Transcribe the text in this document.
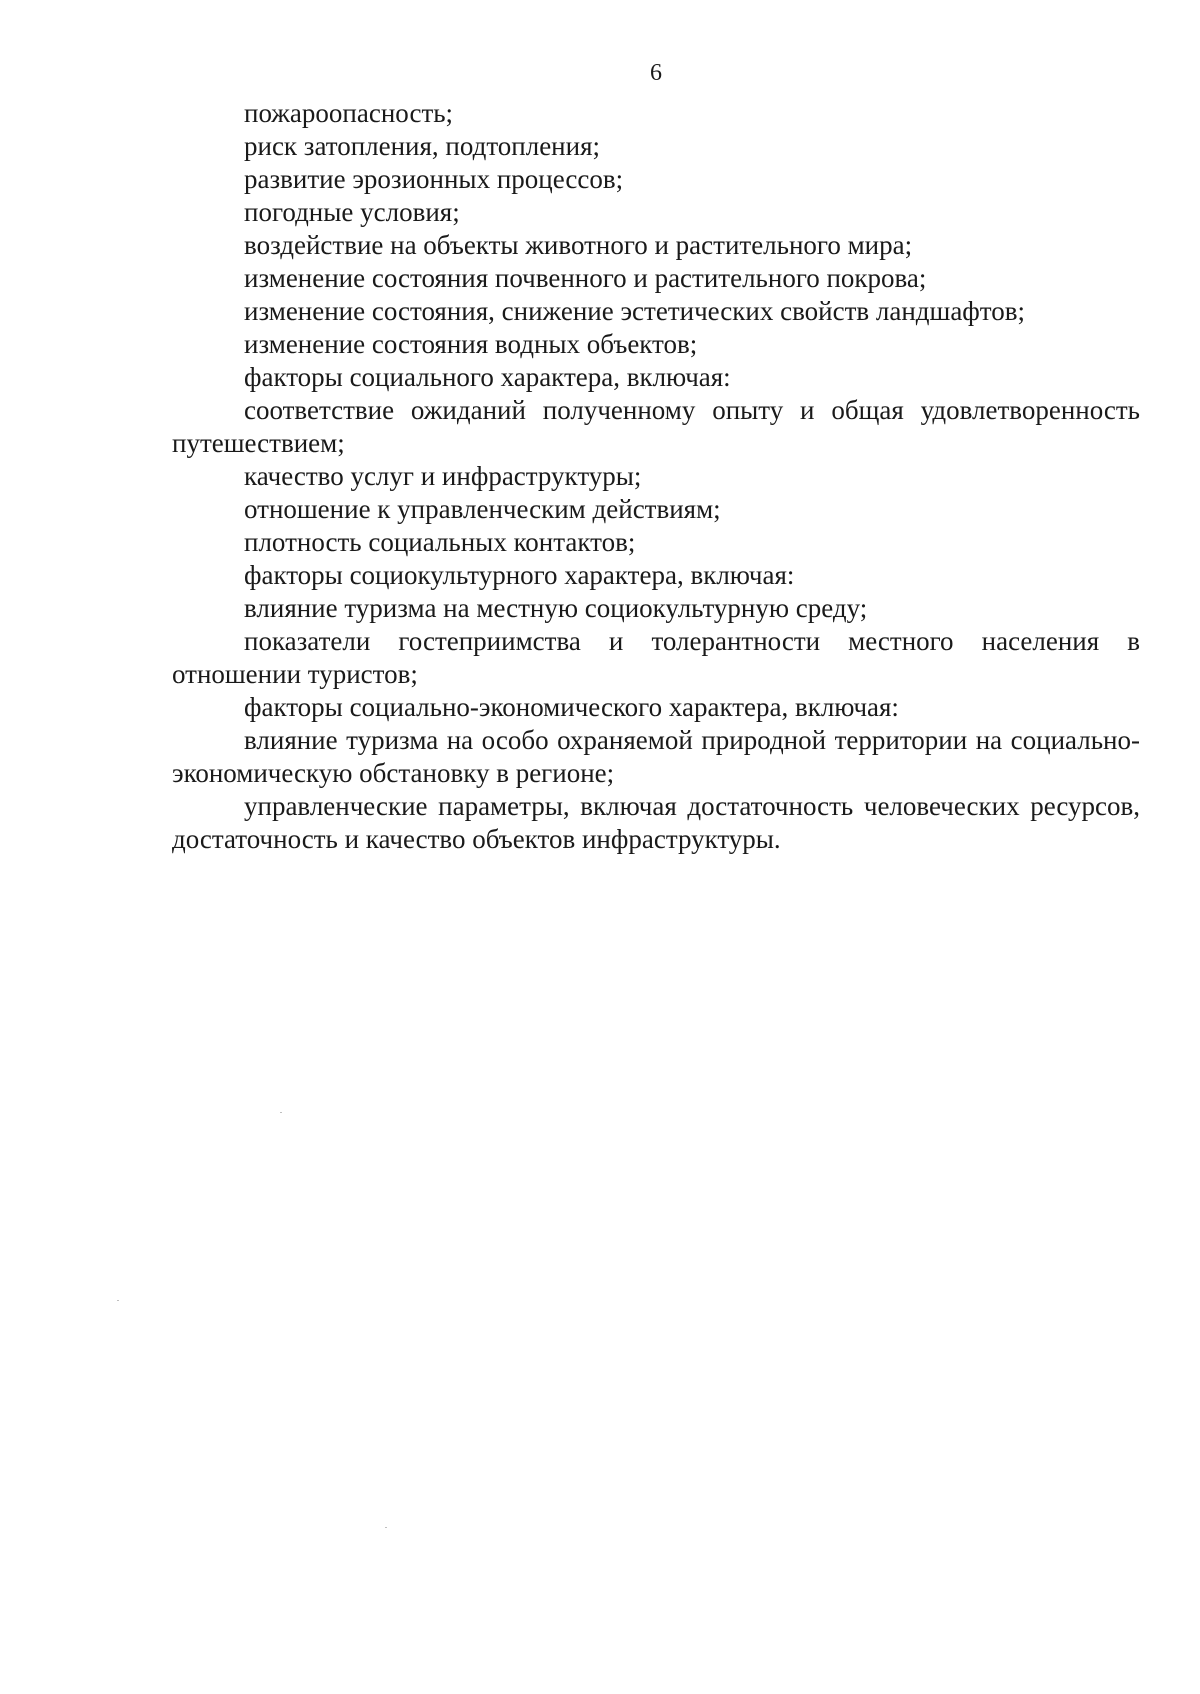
6

пожароопасность;

риск затопления, подтопления;

развитие эрозионных процессов;

погодные условия;

воздействие на объекты животного и растительного мира;

изменение состояния почвенного и растительного покрова;

изменение состояния, снижение эстетических свойств ландшафтов;

изменение состояния водных объектов;

факторы социального характера, включая:

соответствие ожиданий полученному опыту и общая удовлетворенность путешествием;

качество услуг и инфраструктуры;

отношение к управленческим действиям;

плотность социальных контактов;

факторы социокультурного характера, включая:

влияние туризма на местную социокультурную среду;

показатели гостеприимства и толерантности местного населения в отношении туристов;

факторы социально-экономического характера, включая:

влияние туризма на особо охраняемой природной территории на социально-экономическую обстановку в регионе;

управленческие параметры, включая достаточность человеческих ресурсов, достаточность и качество объектов инфраструктуры.
